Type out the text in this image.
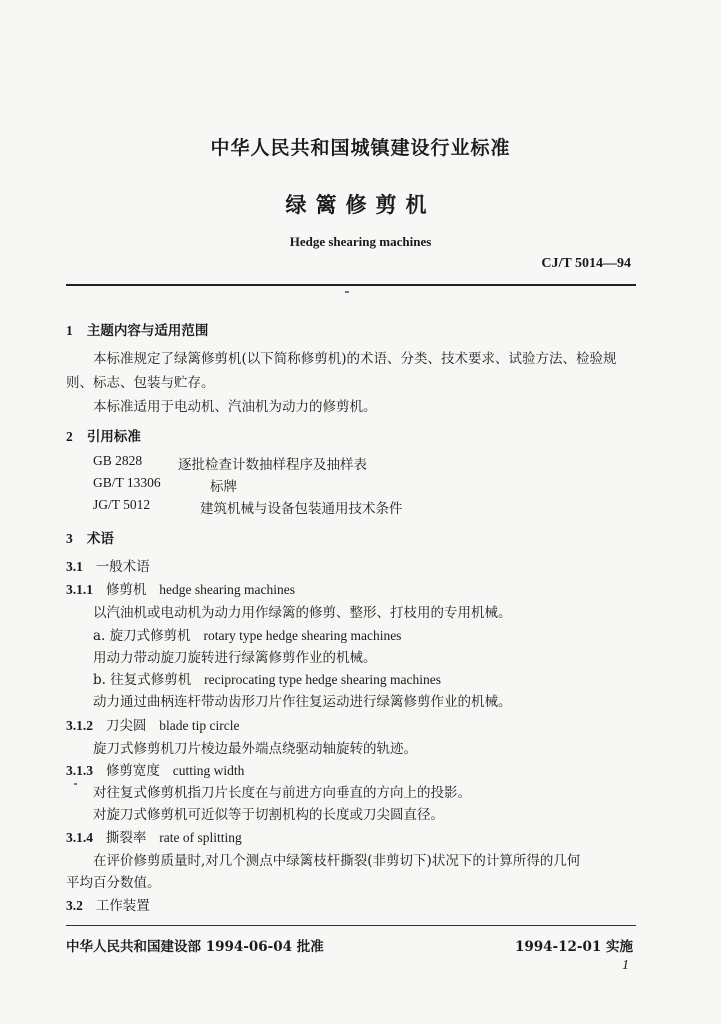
中华人民共和国城镇建设行业标准
绿篱修剪机
Hedge shearing machines
CJ/T 5014—94
1 主题内容与适用范围
本标准规定了绿篱修剪机(以下简称修剪机)的术语、分类、技术要求、试验方法、检验规
则、标志、包装与贮存。
本标准适用于电动机、汽油机为动力的修剪机。
2 引用标准
GB 2828	逐批检查计数抽样程序及抽样表
GB/T 13306	标牌
JG/T 5012	建筑机械与设备包装通用技术条件
3 术语
3.1 一般术语
3.1.1 修剪机 hedge shearing machines
以汽油机或电动机为动力用作绿篱的修剪、整形、打枝用的专用机械。
a. 旋刀式修剪机 rotary type hedge shearing machines
用动力带动旋刀旋转进行绿篱修剪作业的机械。
b. 往复式修剪机 reciprocating type hedge shearing machines
动力通过曲柄连杆带动齿形刀片作往复运动进行绿篱修剪作业的机械。
3.1.2 刀尖圆 blade tip circle
旋刀式修剪机刀片棱边最外端点绕驱动轴旋转的轨迹。
3.1.3 修剪宽度 cutting width
对往复式修剪机指刀片长度在与前进方向垂直的方向上的投影。
对旋刀式修剪机可近似等于切割机构的长度或刀尖圆直径。
3.1.4 撕裂率 rate of splitting
在评价修剪质量时,对几个测点中绿篱枝杆撕裂(非剪切下)状况下的计算所得的几何
平均百分数值。
3.2 工作装置
中华人民共和国建设部 1994-06-04 批准	1994-12-01 实施
1
